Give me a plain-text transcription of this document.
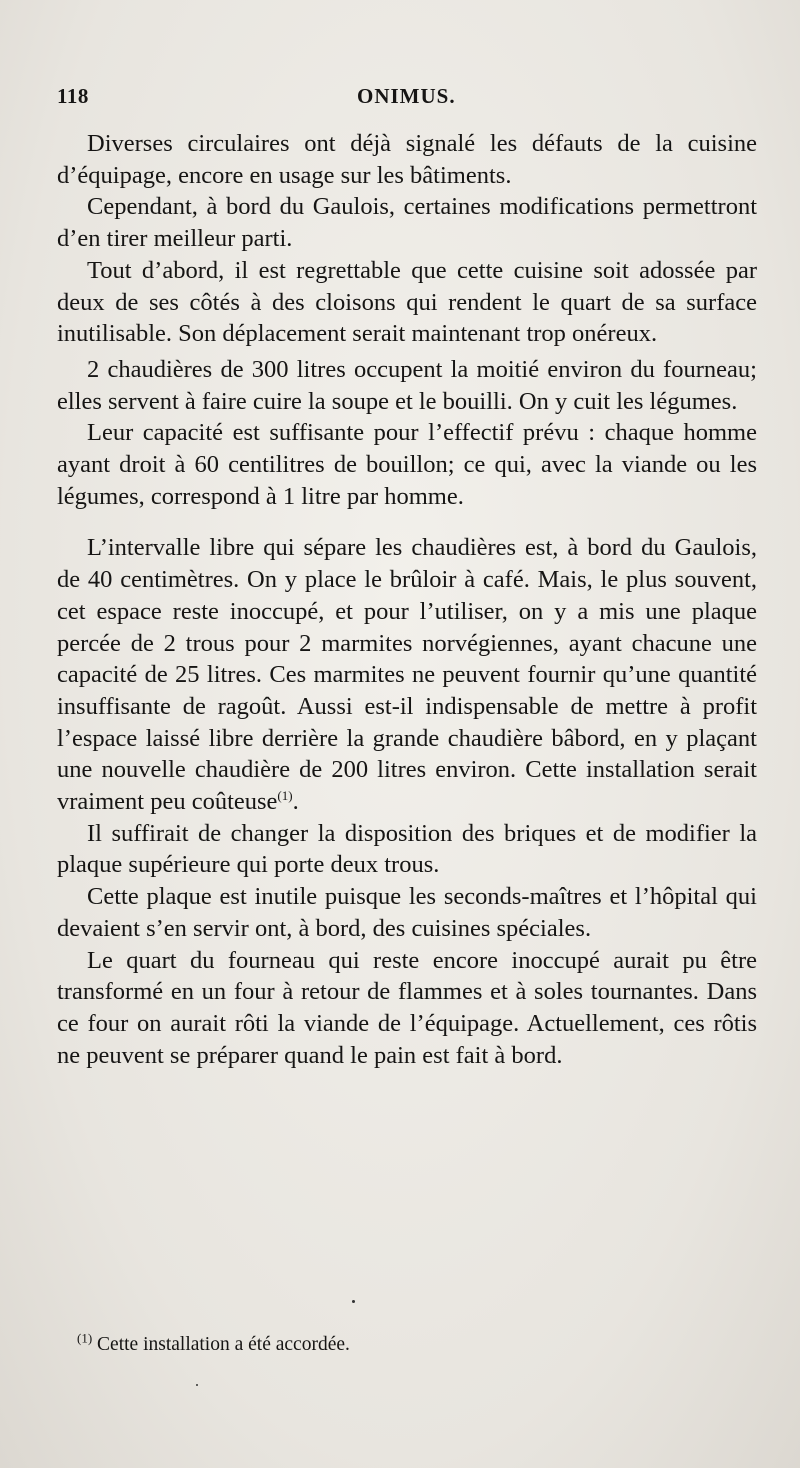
118	ONIMUS.

Diverses circulaires ont déjà signalé les défauts de la cuisine d’équipage, encore en usage sur les bâtiments.

Cependant, à bord du Gaulois, certaines modifications permettront d’en tirer meilleur parti.

Tout d’abord, il est regrettable que cette cuisine soit adossée par deux de ses côtés à des cloisons qui rendent le quart de sa surface inutilisable. Son déplacement serait maintenant trop onéreux.

2 chaudières de 300 litres occupent la moitié environ du fourneau; elles servent à faire cuire la soupe et le bouilli. On y cuit les légumes.

Leur capacité est suffisante pour l’effectif prévu : chaque homme ayant droit à 60 centilitres de bouillon; ce qui, avec la viande ou les légumes, correspond à 1 litre par homme.

L’intervalle libre qui sépare les chaudières est, à bord du Gaulois, de 40 centimètres. On y place le brûloir à café. Mais, le plus souvent, cet espace reste inoccupé, et pour l’utiliser, on y a mis une plaque percée de 2 trous pour 2 marmites norvégiennes, ayant chacune une capacité de 25 litres. Ces marmites ne peuvent fournir qu’une quantité insuffisante de ragoût. Aussi est-il indispensable de mettre à profit l’espace laissé libre derrière la grande chaudière bâbord, en y plaçant une nouvelle chaudière de 200 litres environ. Cette installation serait vraiment peu coûteuse$^{(1)}$.

Il suffirait de changer la disposition des briques et de modifier la plaque supérieure qui porte deux trous.

Cette plaque est inutile puisque les seconds-maîtres et l’hôpital qui devaient s’en servir ont, à bord, des cuisines spéciales.

Le quart du fourneau qui reste encore inoccupé aurait pu être transformé en un four à retour de flammes et à soles tournantes. Dans ce four on aurait rôti la viande de l’équipage. Actuellement, ces rôtis ne peuvent se préparer quand le pain est fait à bord.

$^{(1)}$ Cette installation a été accordée.
